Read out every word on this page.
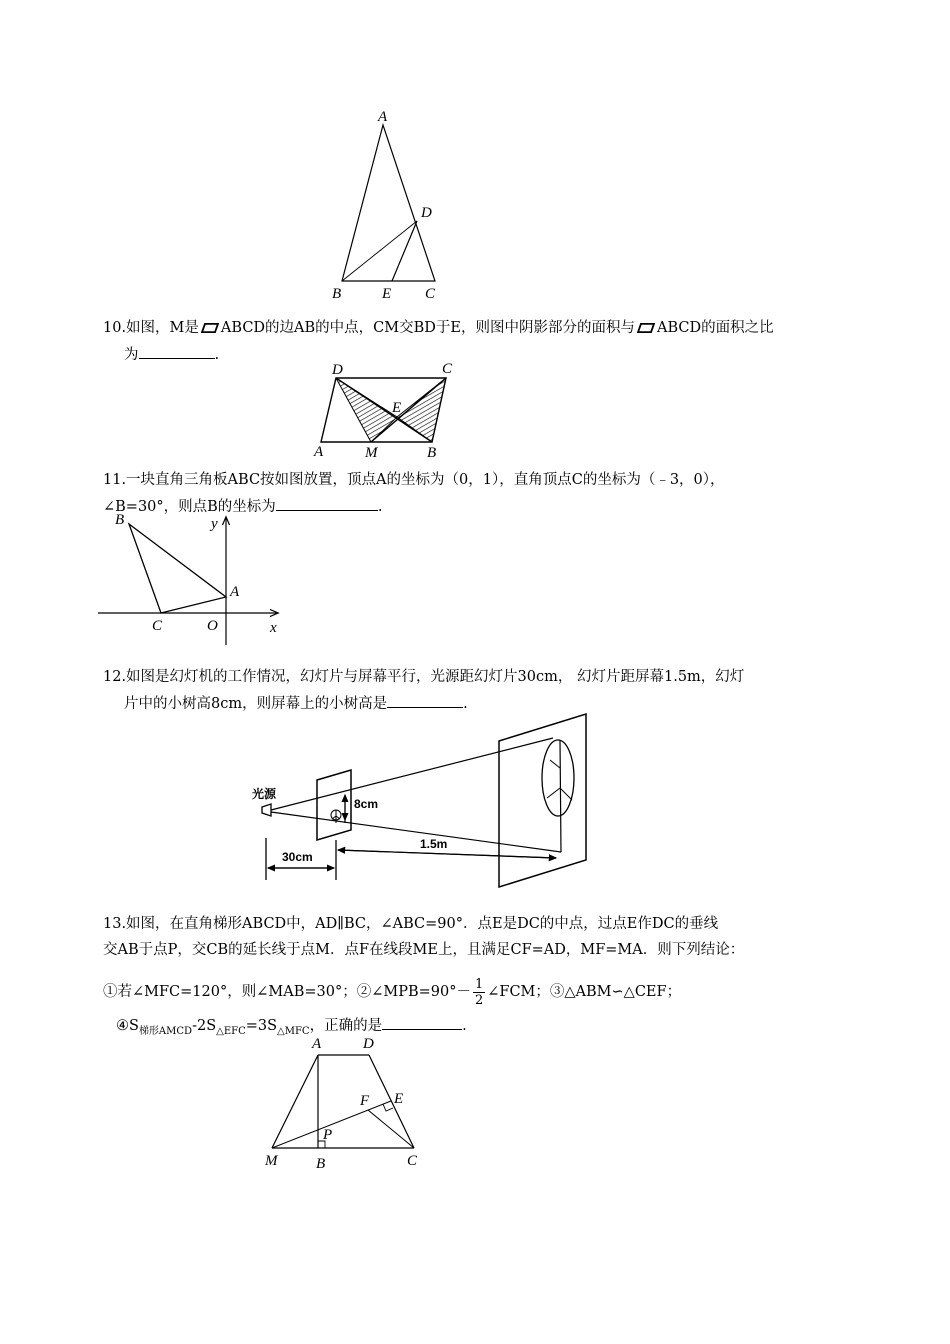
A
D
B	E C
10.如图，M是 ABCD的边AB的中点，CM交BD于E，则图中阴影部分的面积与 ABCD的面积之比
为	.
D	C
E
A	M	B
11.一块直角三角板ABC按如图放置，顶点A的坐标为（0，1），直角顶点C的坐标为（﹣3，0），
∠B=30°，则点B的坐标为	.
B	y
A
C	O	x
12.如图是幻灯机的工作情况，幻灯片与屏幕平行，光源距幻灯片30cm， 幻灯片距屏幕1.5m，幻灯
片中的小树高8cm，则屏幕上的小树高是	.
光源
8cm
30cm
1.5m
13.如图，在直角梯形ABCD中，AD∥BC，∠ABC=90°．点E是DC的中点，过点E作DC的垂线
交AB于点P，交CB的延长线于点M．点F在线段ME上，且满足CF=AD，MF=MA．则下列结论：
①若∠MFC=120°，则∠MAB=30°；②∠MPB=90°－ $\frac{1}{2}$ ∠FCM；③△ABM∽△CEF；
$④S_{梯形AMCD}-2S_{\triangle EFC}=3S_{\triangle MFC}$，正确的是	.
A	D
F E
P
M	B	C
